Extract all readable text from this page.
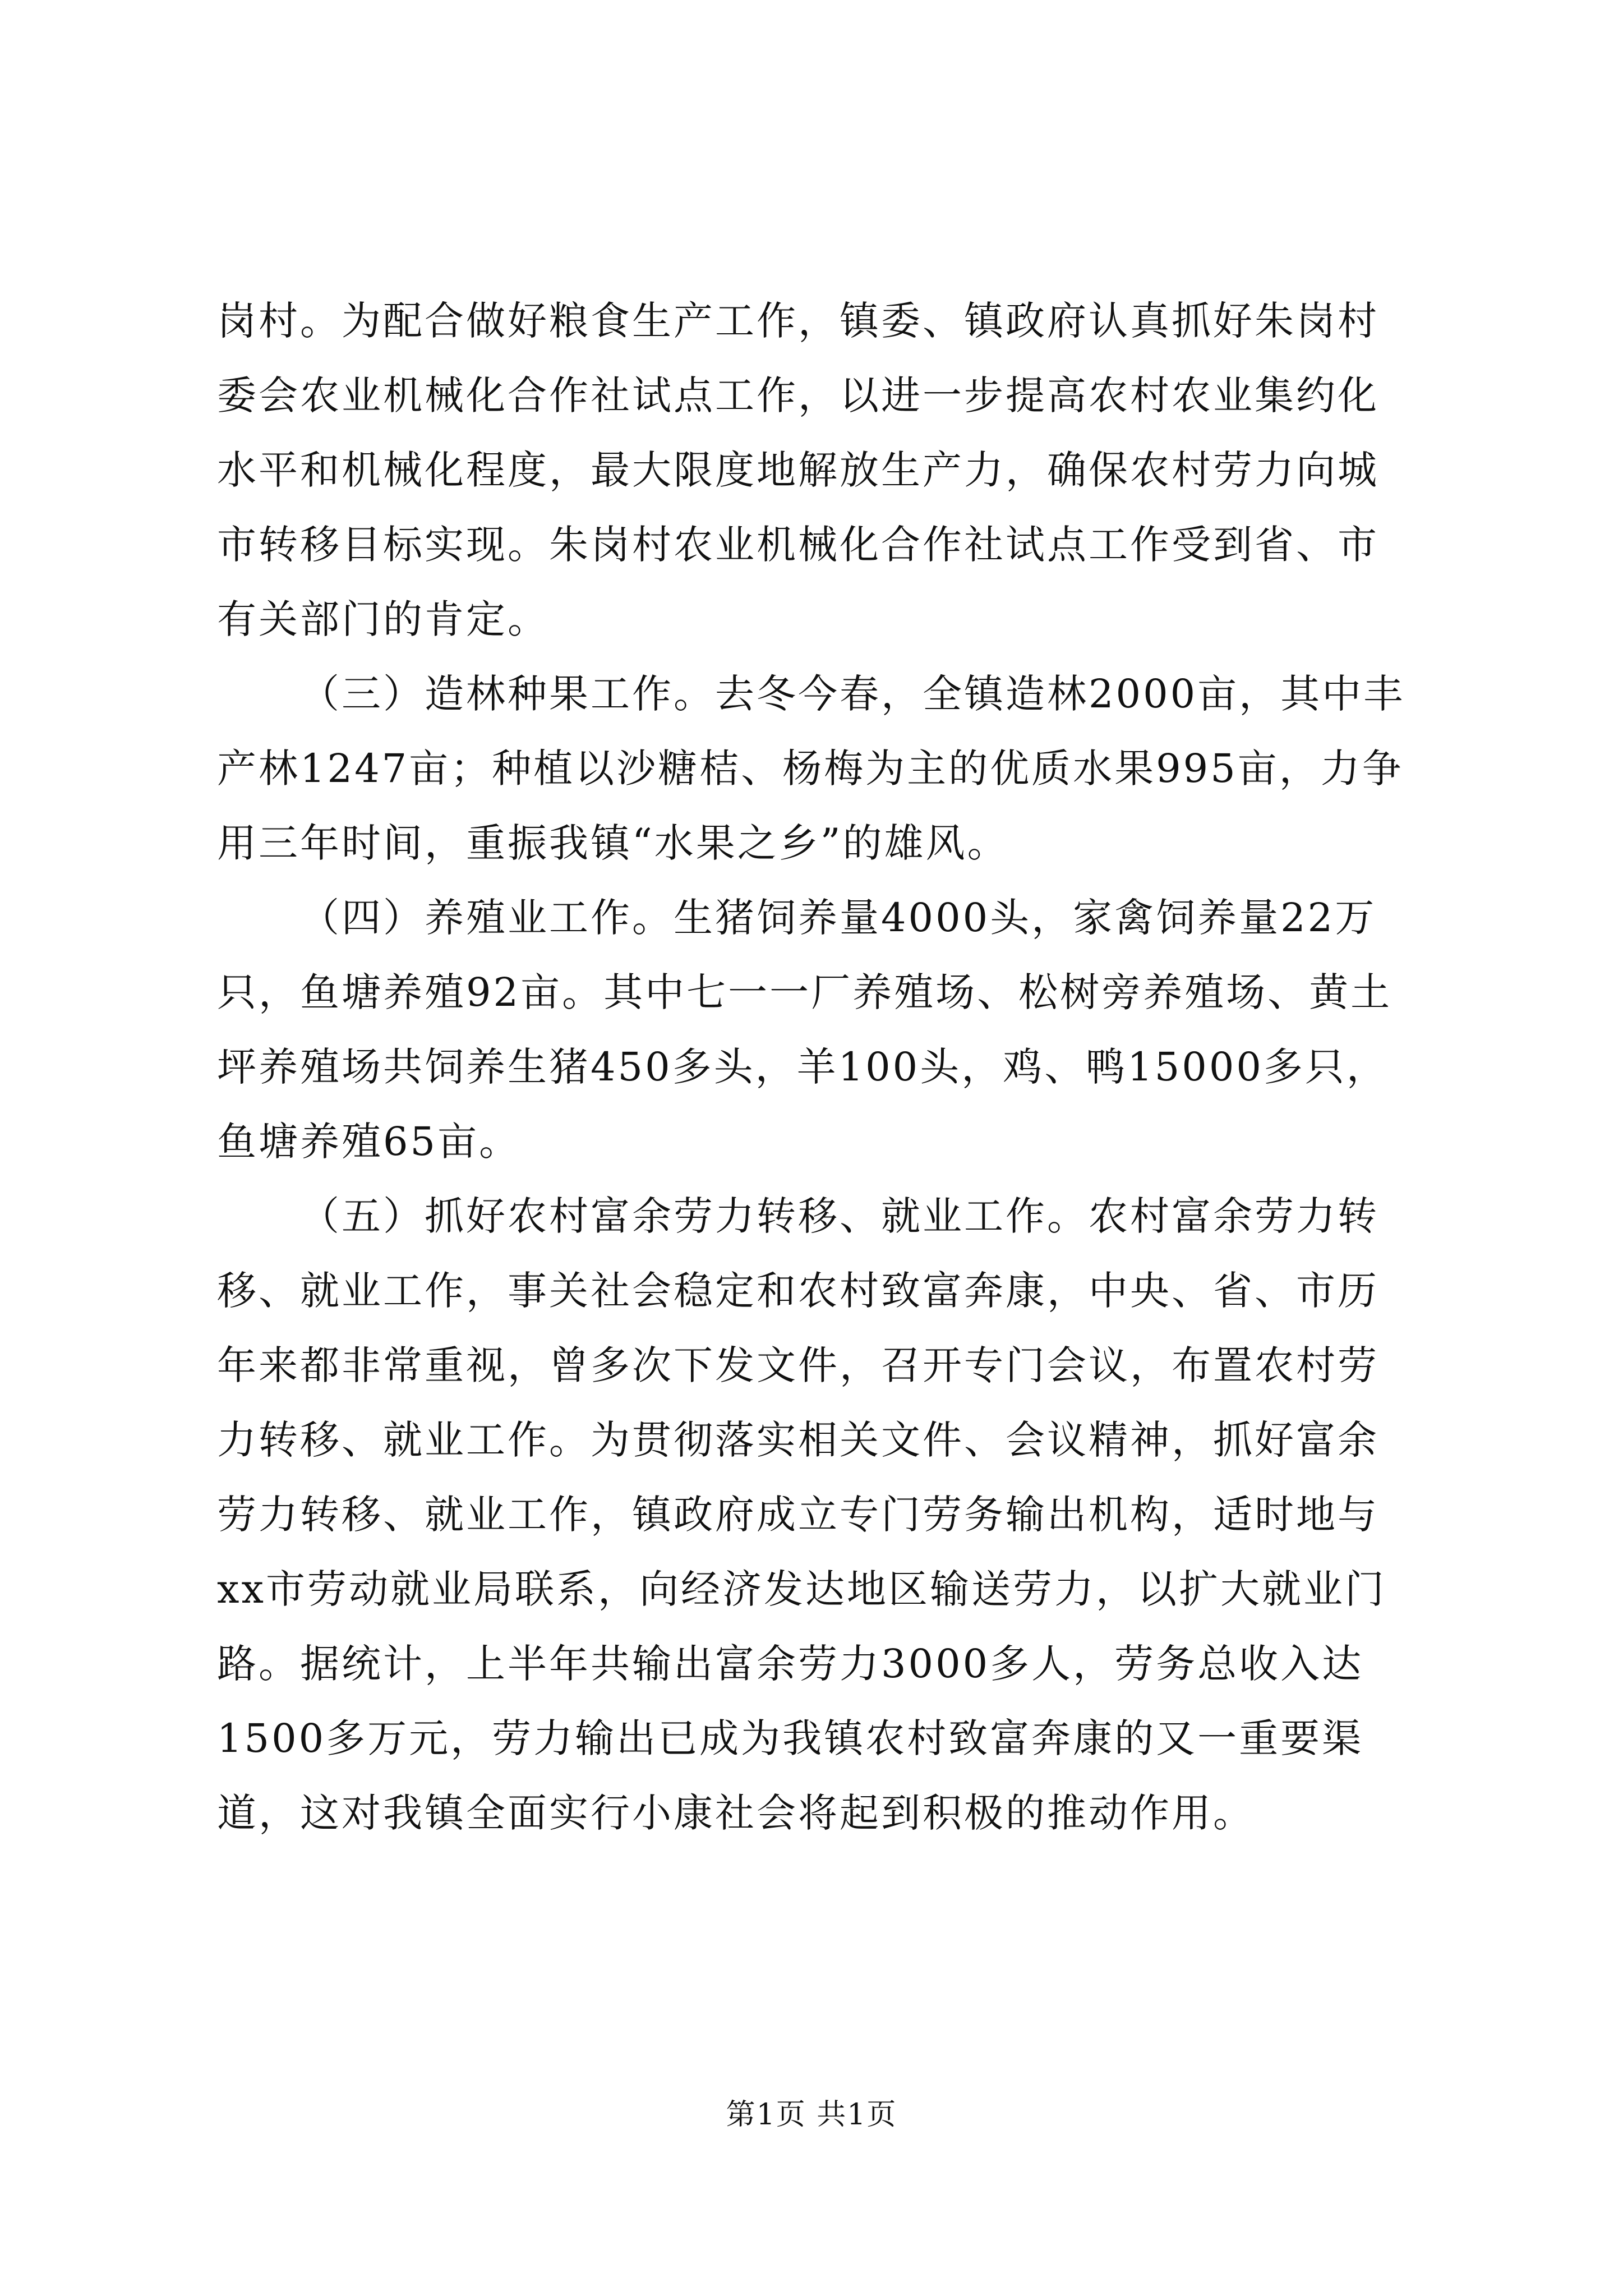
岗村。为配合做好粮食生产工作，镇委、镇政府认真抓好朱岗村委会农业机械化合作社试点工作，以进一步提高农村农业集约化水平和机械化程度，最大限度地解放生产力，确保农村劳力向城市转移目标实现。朱岗村农业机械化合作社试点工作受到省、市有关部门的肯定。

（三）造林种果工作。去冬今春，全镇造林2000亩，其中丰产林1247亩；种植以沙糖桔、杨梅为主的优质水果995亩，力争用三年时间，重振我镇“水果之乡”的雄风。

（四）养殖业工作。生猪饲养量4000头，家禽饲养量22万只，鱼塘养殖92亩。其中七一一厂养殖场、松树旁养殖场、黄土坪养殖场共饲养生猪450多头，羊100头，鸡、鸭15000多只，鱼塘养殖65亩。

（五）抓好农村富余劳力转移、就业工作。农村富余劳力转移、就业工作，事关社会稳定和农村致富奔康，中央、省、市历年来都非常重视，曾多次下发文件，召开专门会议，布置农村劳力转移、就业工作。为贯彻落实相关文件、会议精神，抓好富余劳力转移、就业工作，镇政府成立专门劳务输出机构，适时地与xx市劳动就业局联系，向经济发达地区输送劳力，以扩大就业门路。据统计，上半年共输出富余劳力3000多人，劳务总收入达1500多万元，劳力输出已成为我镇农村致富奔康的又一重要渠道，这对我镇全面实行小康社会将起到积极的推动作用。

第1页 共1页
